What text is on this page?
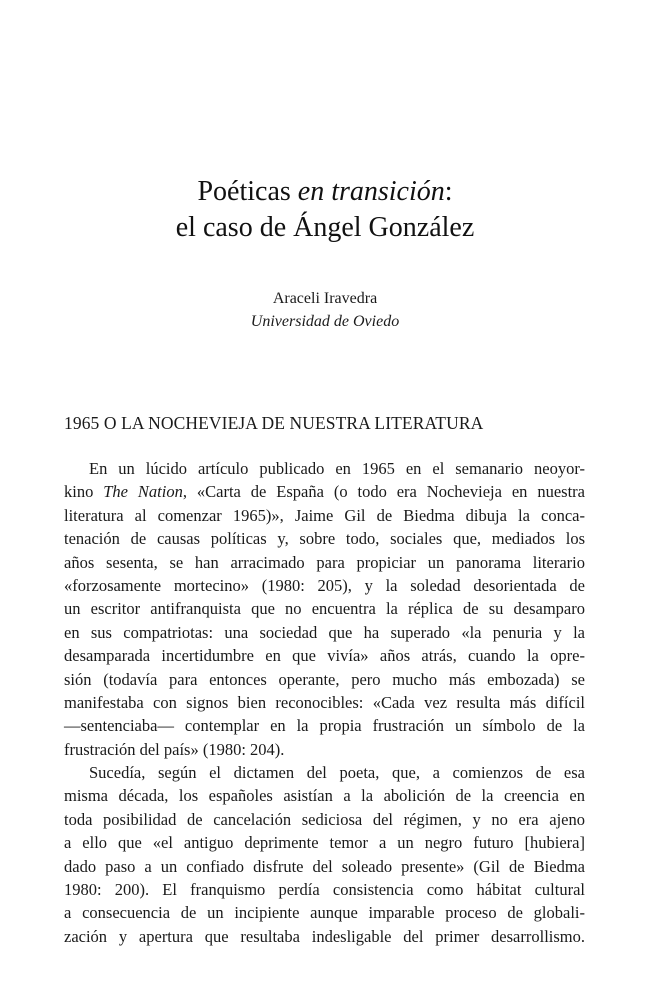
Poéticas en transición:
el caso de Ángel González
Araceli Iravedra
Universidad de Oviedo
1965 O LA NOCHEVIEJA DE NUESTRA LITERATURA
En un lúcido artículo publicado en 1965 en el semanario neoyor-
kino The Nation, «Carta de España (o todo era Nochevieja en nuestra
literatura al comenzar 1965)», Jaime Gil de Biedma dibuja la conca-
tenación de causas políticas y, sobre todo, sociales que, mediados los
años sesenta, se han arracimado para propiciar un panorama literario
«forzosamente mortecino» (1980: 205), y la soledad desorientada de
un escritor antifranquista que no encuentra la réplica de su desamparo
en sus compatriotas: una sociedad que ha superado «la penuria y la
desamparada incertidumbre en que vivía» años atrás, cuando la opre-
sión (todavía para entonces operante, pero mucho más embozada) se
manifestaba con signos bien reconocibles: «Cada vez resulta más difícil
—sentenciaba— contemplar en la propia frustración un símbolo de la
frustración del país» (1980: 204).
Sucedía, según el dictamen del poeta, que, a comienzos de esa
misma década, los españoles asistían a la abolición de la creencia en
toda posibilidad de cancelación sediciosa del régimen, y no era ajeno
a ello que «el antiguo deprimente temor a un negro futuro [hubiera]
dado paso a un confiado disfrute del soleado presente» (Gil de Biedma
1980: 200). El franquismo perdía consistencia como hábitat cultural
a consecuencia de un incipiente aunque imparable proceso de globali-
zación y apertura que resultaba indesligable del primer desarrollismo.
